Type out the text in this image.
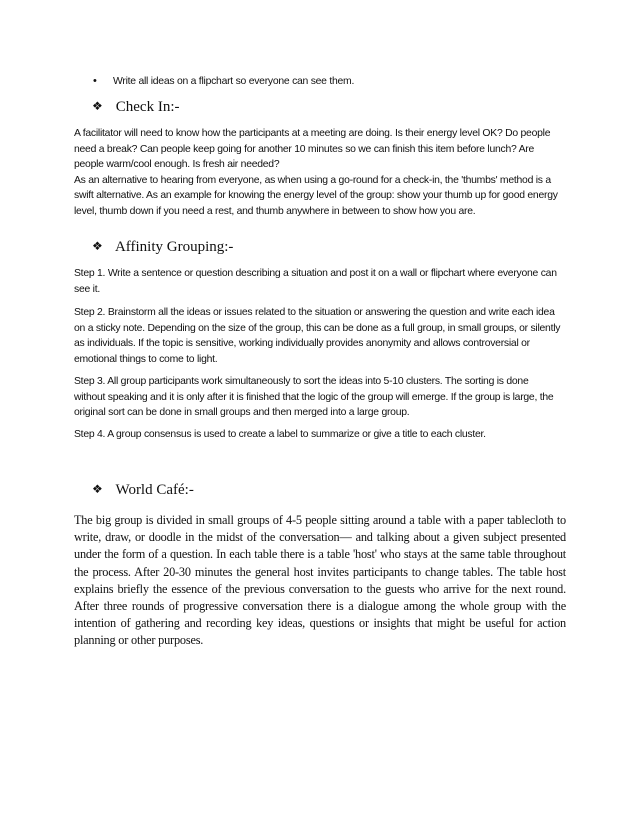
• Write all ideas on a flipchart so everyone can see them.
❖ Check In:-
A facilitator will need to know how the participants at a meeting are doing. Is their energy level OK? Do people need a break? Can people keep going for another 10 minutes so we can finish this item before lunch? Are people warm/cool enough. Is fresh air needed?
As an alternative to hearing from everyone, as when using a go-round for a check-in, the 'thumbs' method is a swift alternative. As an example for knowing the energy level of the group: show your thumb up for good energy level, thumb down if you need a rest, and thumb anywhere in between to show how you are.
❖ Affinity Grouping:-
Step 1. Write a sentence or question describing a situation and post it on a wall or flipchart where everyone can see it.
Step 2. Brainstorm all the ideas or issues related to the situation or answering the question and write each idea on a sticky note. Depending on the size of the group, this can be done as a full group, in small groups, or silently as individuals. If the topic is sensitive, working individually provides anonymity and allows controversial or emotional things to come to light.
Step 3. All group participants work simultaneously to sort the ideas into 5-10 clusters. The sorting is done without speaking and it is only after it is finished that the logic of the group will emerge. If the group is large, the original sort can be done in small groups and then merged into a large group.
Step 4. A group consensus is used to create a label to summarize or give a title to each cluster.
❖ World Café:-

The big group is divided in small groups of 4-5 people sitting around a table with a paper tablecloth to write, draw, or doodle in the midst of the conversation— and talking about a given subject presented under the form of a question. In each table there is a table 'host' who stays at the same table throughout the process. After 20-30 minutes the general host invites participants to change tables. The table host explains briefly the essence of the previous conversation to the guests who arrive for the next round. After three rounds of progressive conversation there is a dialogue among the whole group with the intention of gathering and recording key ideas, questions or insights that might be useful for action planning or other purposes.
